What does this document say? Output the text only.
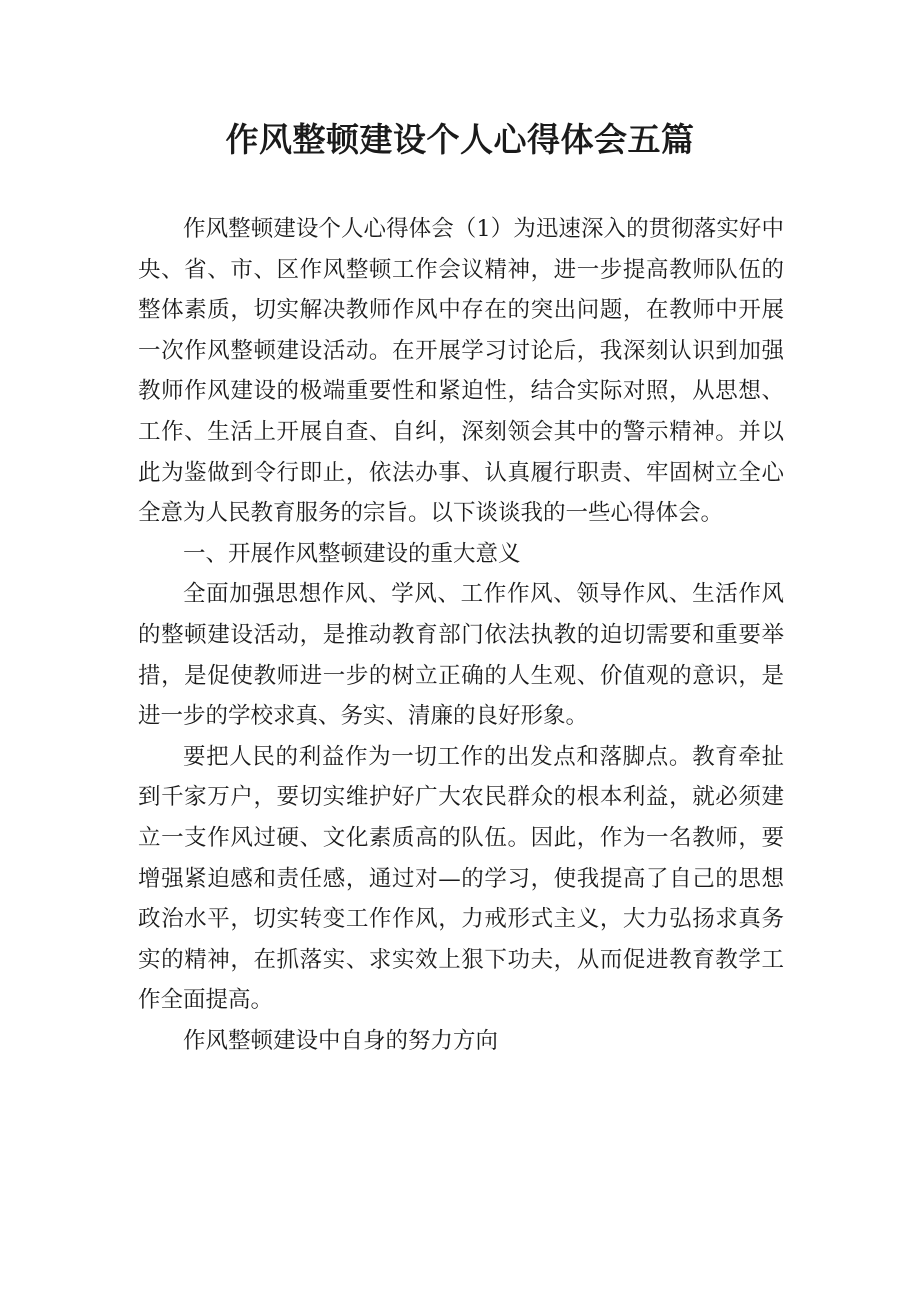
作风整顿建设个人心得体会五篇

作风整顿建设个人心得体会（1）为迅速深入的贯彻落实好中央、省、市、区作风整顿工作会议精神，进一步提高教师队伍的整体素质，切实解决教师作风中存在的突出问题，在教师中开展一次作风整顿建设活动。在开展学习讨论后，我深刻认识到加强教师作风建设的极端重要性和紧迫性，结合实际对照，从思想、工作、生活上开展自查、自纠，深刻领会其中的警示精神。并以此为鉴做到令行即止，依法办事、认真履行职责、牢固树立全心全意为人民教育服务的宗旨。以下谈谈我的一些心得体会。

一、开展作风整顿建设的重大意义

全面加强思想作风、学风、工作作风、领导作风、生活作风的整顿建设活动，是推动教育部门依法执教的迫切需要和重要举措，是促使教师进一步的树立正确的人生观、价值观的意识，是进一步的学校求真、务实、清廉的良好形象。

要把人民的利益作为一切工作的出发点和落脚点。教育牵扯到千家万户，要切实维护好广大农民群众的根本利益，就必须建立一支作风过硬、文化素质高的队伍。因此，作为一名教师，要增强紧迫感和责任感，通过对—的学习，使我提高了自己的思想政治水平，切实转变工作作风，力戒形式主义，大力弘扬求真务实的精神，在抓落实、求实效上狠下功夫，从而促进教育教学工作全面提高。

作风整顿建设中自身的努力方向
